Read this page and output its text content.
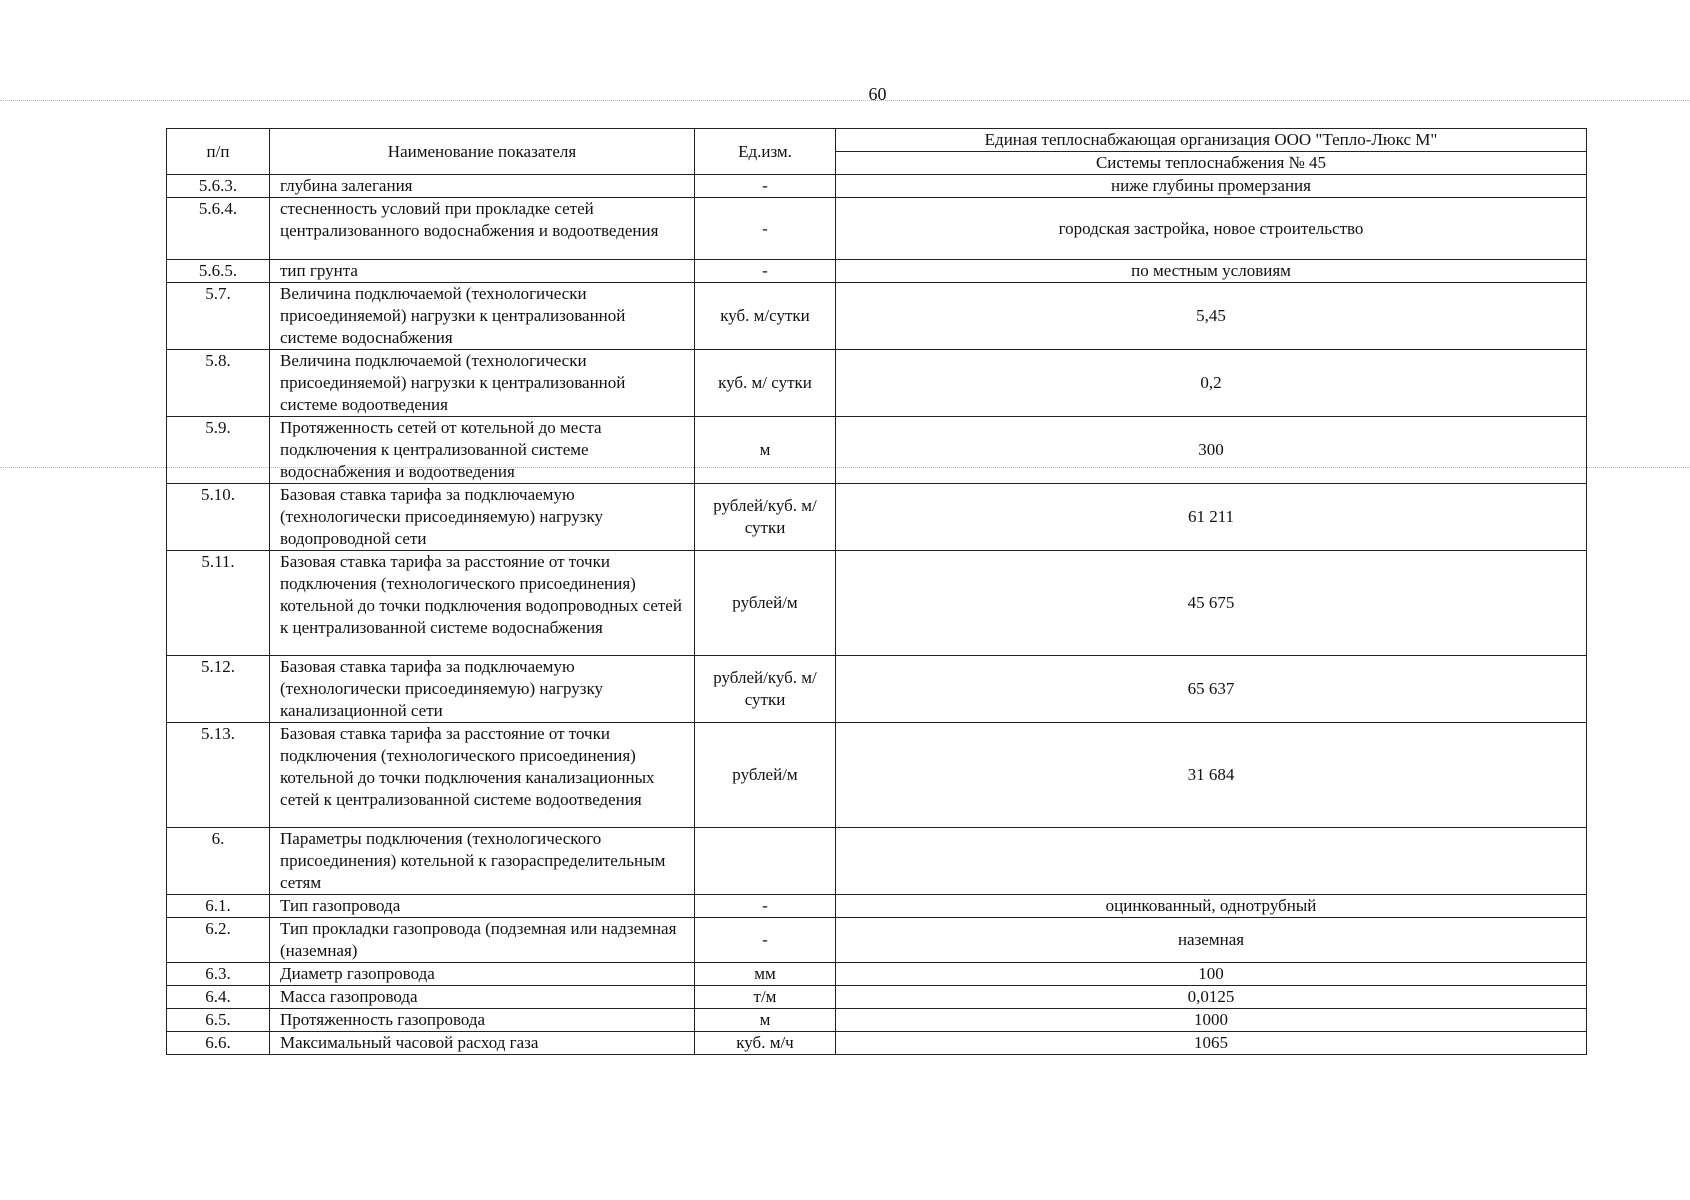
60
п/п	Наименование показателя	Ед.изм.	Единая теплоснабжающая организация ООО "Тепло-Люкс М"
			Системы теплоснабжения № 45
5.6.3.	глубина залегания	-	ниже глубины промерзания
5.6.4.	стесненность условий при прокладке сетей централизованного водоснабжения и водоотведения	-	городская застройка, новое строительство
5.6.5.	тип грунта	-	по местным условиям
5.7.	Величина подключаемой (технологически присоединяемой) нагрузки к централизованной системе водоснабжения	куб. м/сутки	5,45
5.8.	Величина подключаемой (технологически присоединяемой) нагрузки к централизованной системе водоотведения	куб. м/ сутки	0,2
5.9.	Протяженность сетей от котельной до места подключения к централизованной системе водоснабжения и водоотведения	м	300
5.10.	Базовая ставка тарифа за подключаемую (технологически присоединяемую) нагрузку водопроводной сети	рублей/куб. м/сутки	61 211
5.11.	Базовая ставка тарифа за расстояние от точки подключения (технологического присоединения) котельной до точки подключения водопроводных сетей к централизованной системе водоснабжения	рублей/м	45 675
5.12.	Базовая ставка тарифа за подключаемую (технологически присоединяемую) нагрузку канализационной сети	рублей/куб. м/сутки	65 637
5.13.	Базовая ставка тарифа за расстояние от точки подключения (технологического присоединения) котельной до точки подключения канализационных сетей к централизованной системе водоотведения	рублей/м	31 684
6.	Параметры подключения (технологического присоединения) котельной к газораспределительным сетям		
6.1.	Тип газопровода	-	оцинкованный, однотрубный
6.2.	Тип прокладки газопровода (подземная или надземная (наземная)	-	наземная
6.3.	Диаметр газопровода	мм	100
6.4.	Масса газопровода	т/м	0,0125
6.5.	Протяженность газопровода	м	1000
6.6.	Максимальный часовой расход газа	куб. м/ч	1065
